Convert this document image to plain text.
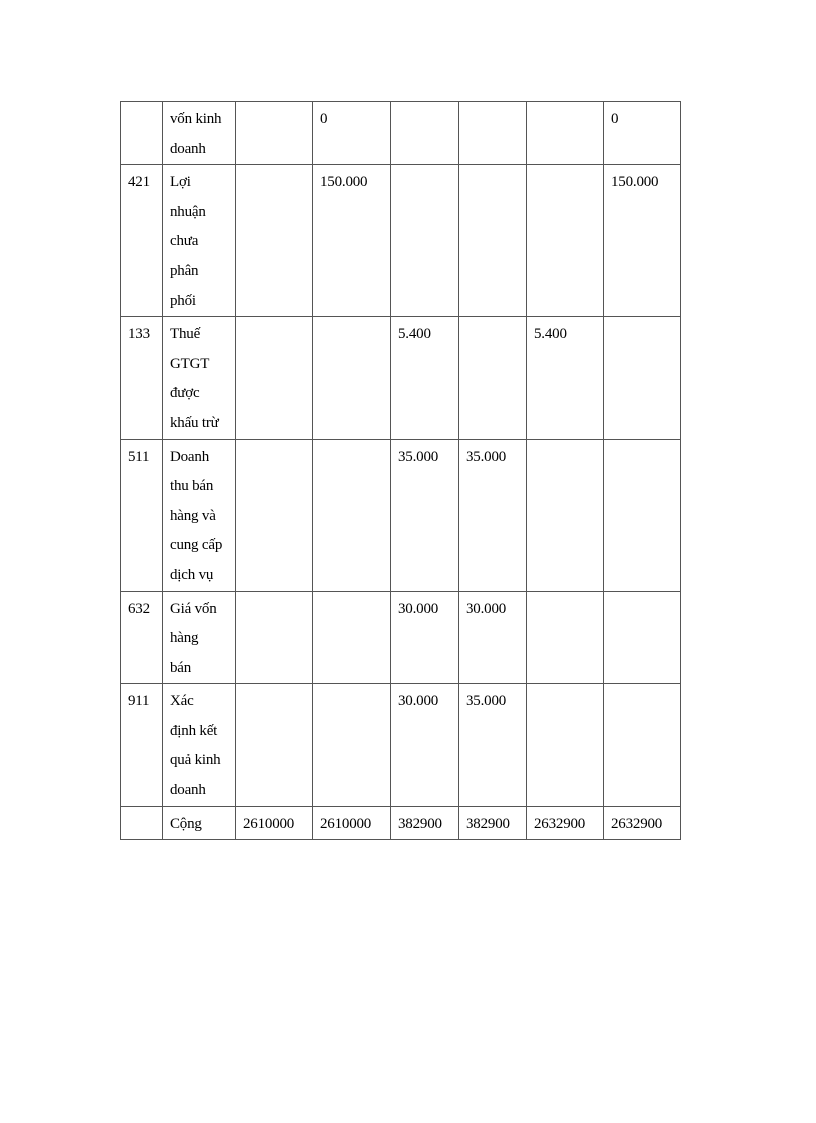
	vốn kinh
doanh		0				0
421	Lợi
nhuận
chưa
phân
phối		150.000				150.000
133	Thuế
GTGT
được
khấu trừ			5.400		5.400	
511	Doanh
thu bán
hàng và
cung cấp
dịch vụ			35.000	35.000		
632	Giá vốn
hàng
bán			30.000	30.000		
911	Xác
định kết
quả kinh
doanh			30.000	35.000		

	Cộng	2610000	2610000	382900	382900	2632900	2632900
